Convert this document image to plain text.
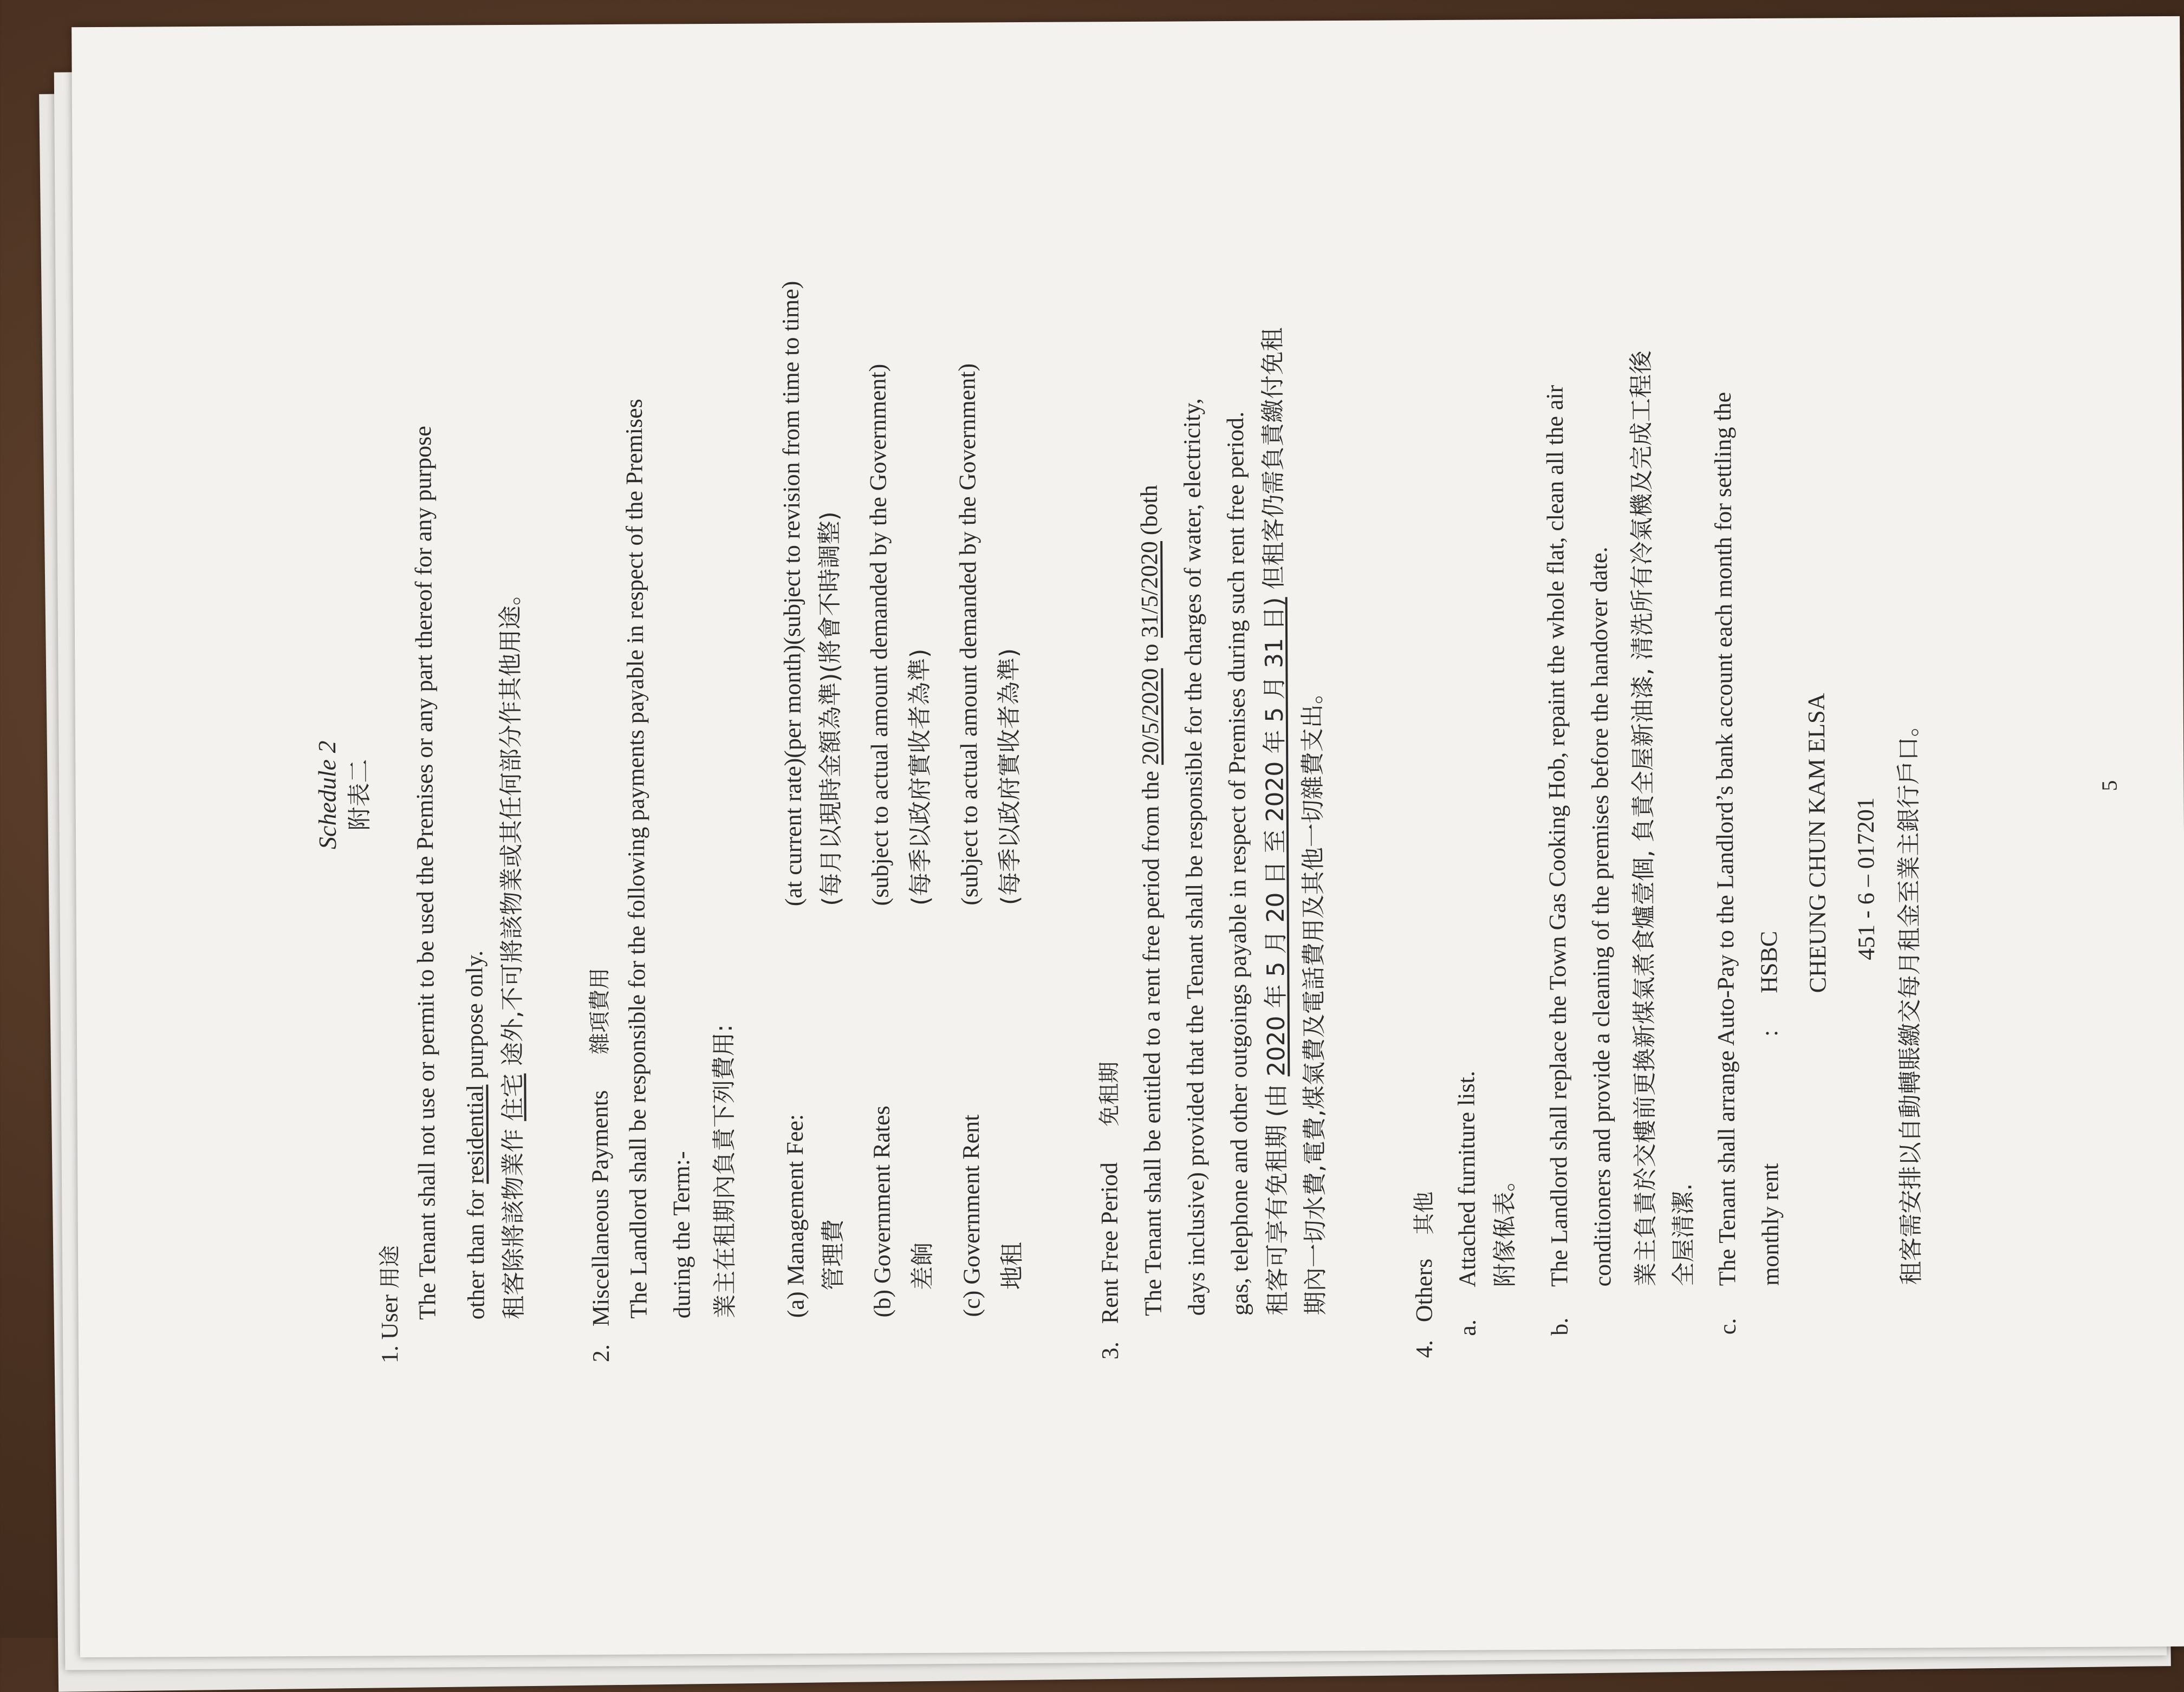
Schedule 2 附表二
1. User 用途 The Tenant shall not use or permit to be used the Premises or any part thereof for any purpose other than for residential purpose only.
租客除將該物業作 住宅 途外,不可將該物業或其任何部分作其他用途。
2.   Miscellaneous Payments      雜項費用 The Landlord shall be responsible for the following payments payable in respect of the Premises during the Term:- 業主在租期內負責下列費用: (a) Management Fee: 管理費
(at current rate)(per month)(subject to revision from time to time) (每月以現時金額為準)(將會不時調整)
(b) Government Rates 差餉
(subject to actual amount demanded by the Government) (每季以政府實收者為準)
(c) Government Rent 地租
(subject to actual amount demanded by the Government) (每季以政府實收者為準)
3.   Rent Free Period      免租期 The Tenant shall be entitled to a rent free period from the 20/5/2020 to 31/5/2020 (both days inclusive) provided that the Tenant shall be responsible for the charges of water, electricity, gas, telephone and other outgoings payable in respect of Premises during such rent free period. 租客可享有免租期 (由 2020 年 5 月 20 日 至 2020 年 5 月 31 日) 但租客仍需負責繳付免租
期內一切水費,電費,煤氣費及電話費用及其他一切雜費支出。
4.   Others    其他
a.
Attached furniture list. 附傢俬表。
b.
The Landlord shall replace the Town Gas Cooking Hob, repaint the whole flat, clean all the air conditioners and provide a cleaning of the premises before the handover date. 業主負責於交樓前更換新煤氣煮食爐壹個, 負責全屋新油漆, 清洗所有冷氣機及完成工程後 全屋清潔.
c.
The Tenant shall arrange Auto-Pay to the Landlord’s bank account each month for settling the monthly rent
:
HSBC CHEUNG CHUN KAM ELSA 451 - 6 – 017201 租客需安排以自動轉賬繳交每月租金至業主銀行戶口。	5
